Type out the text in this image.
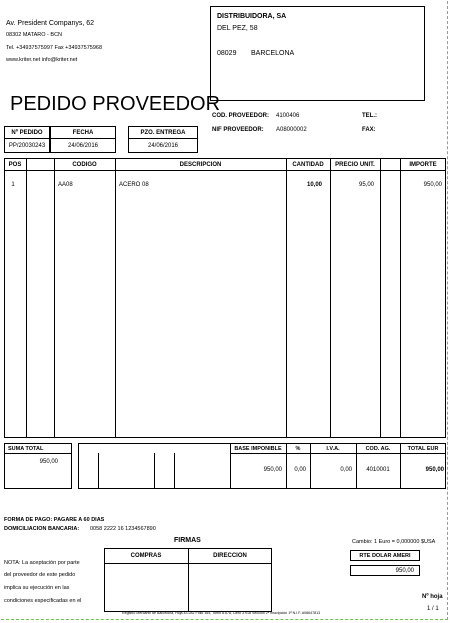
Av. President Companys, 62
08302 MATARO - BCN
Tel. +34937575997 Fax +34937575968
www.kriter.net info@kriter.net
DISTRIBUIDORA, SA
DEL PEZ, 58
08029 BARCELONA
PEDIDO PROVEEDOR
COD. PROVEEDOR: 4100406
NIF PROVEEDOR: A08000002
TEL.:
FAX:
Nº PEDIDO
PP/20030243
FECHA
24/06/2016
PZO. ENTREGA
24/06/2016
POS	CODIGO	DESCRIPCION	CANTIDAD	PRECIO UNIT.	IMPORTE
1	AA08	ACERO 08	10,00	95,00	950,00
SUMA TOTAL
950,00
BASE IMPONIBLE	%	I.V.A.	COD. AG.	TOTAL EUR
950,00	0,00	0,00	4010001	950,00
FORMA DE PAGO: PAGARE A 60 DIAS
DOMICILIACION BANCARIA: 0058 2222 16 1234567890
FIRMAS
COMPRAS	DIRECCION
NOTA: La aceptación por parte
del proveedor de este pedido
implica su ejecución en las
condiciones especificadas en el
Cambio: 1 Euro = 0,000000 $USA
RTE DOLAR AMERI
950,00
Nº hoja
1 / 1
Registro Mercantil de Barcelona, Hoja 43.282 Folio 164, Tomo 8.678, Libro 3.918 Sección 2ª Inscripción 1ª N.I.F. A08647813
